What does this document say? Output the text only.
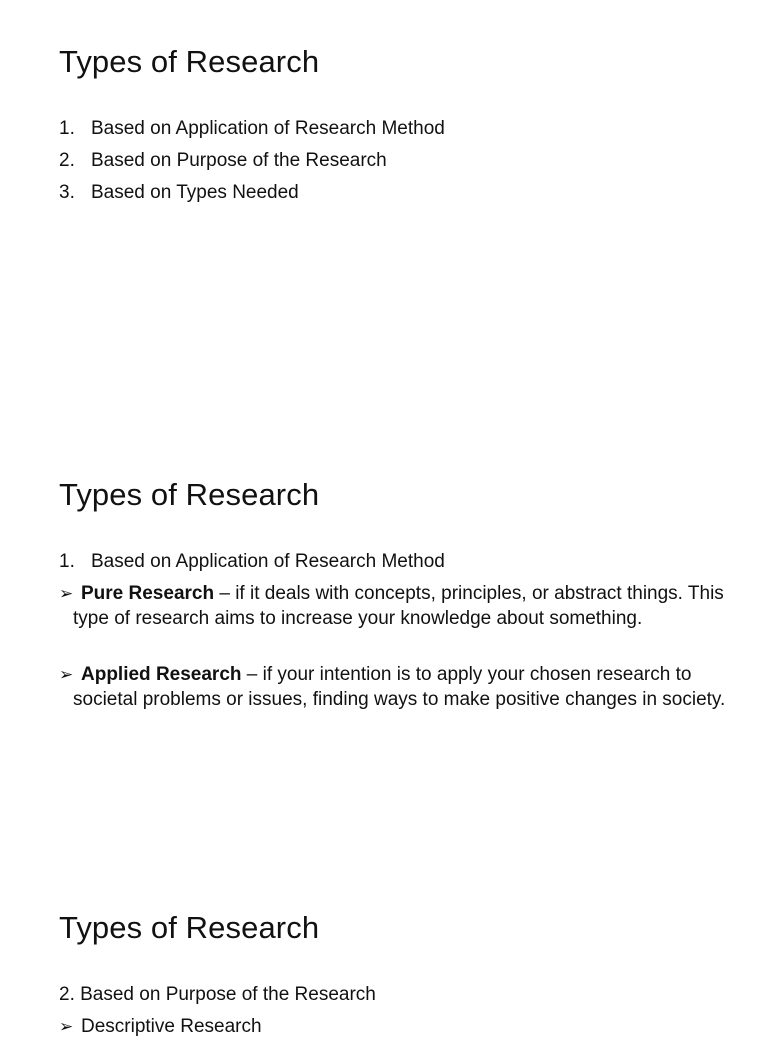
Types of Research
1. Based on Application of Research Method
2. Based on Purpose of the Research
3. Based on Types Needed
Types of Research
1. Based on Application of Research Method
➢ Pure Research – if it deals with concepts, principles, or abstract things. This type of research aims to increase your knowledge about something.
➢ Applied Research – if your intention is to apply your chosen research to societal problems or issues, finding ways to make positive changes in society.
Types of Research
2. Based on Purpose of the Research
➢ Descriptive Research
